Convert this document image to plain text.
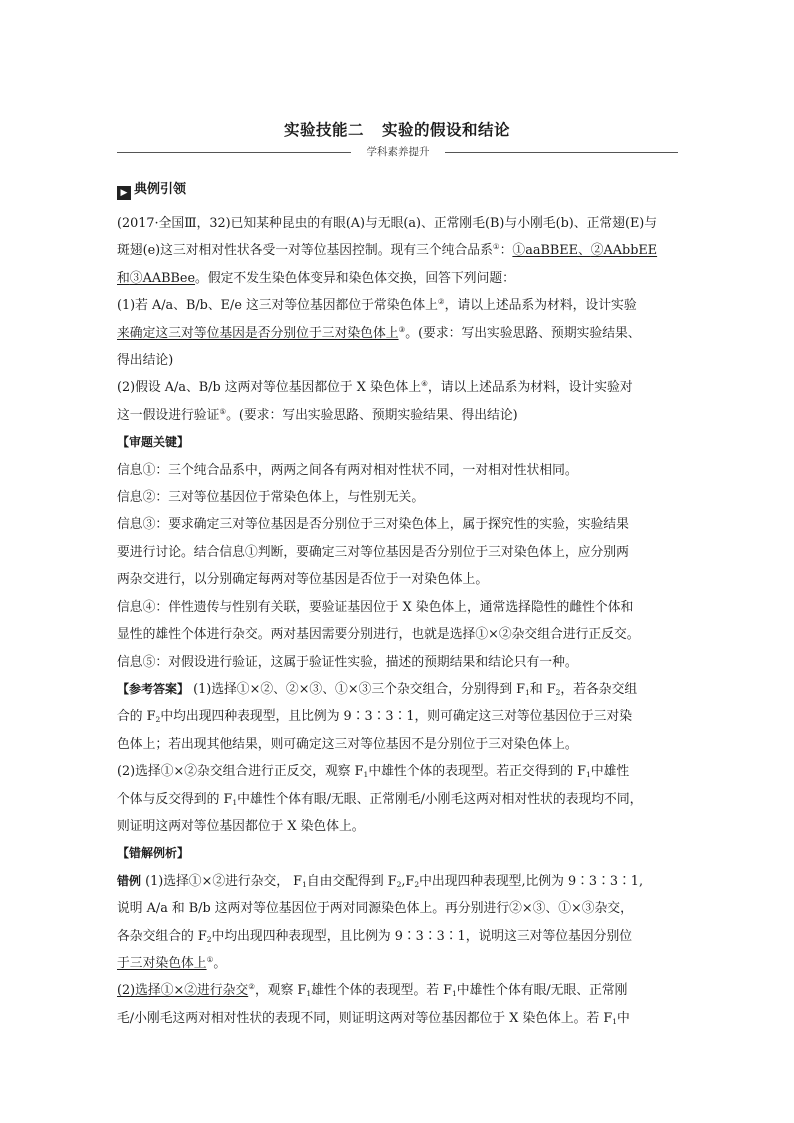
实验技能二 实验的假设和结论
学科素养提升
▶ 典例引领

(2017·全国Ⅲ，32)已知某种昆虫的有眼(A)与无眼(a)、正常刚毛(B)与小刚毛(b)、正常翅(E)与

斑翅(e)这三对相对性状各受一对等位基因控制。现有三个纯合品系①：①aaBBEE、②AAbbEE

和③AABBee。假定不发生染色体变异和染色体交换，回答下列问题：

(1)若 A/a、B/b、E/e 这三对等位基因都位于常染色体上②，请以上述品系为材料，设计实验

来确定这三对等位基因是否分别位于三对染色体上③。(要求：写出实验思路、预期实验结果、

得出结论)

(2)假设 A/a、B/b 这两对等位基因都位于 X 染色体上④，请以上述品系为材料，设计实验对

这一假设进行验证⑤。(要求：写出实验思路、预期实验结果、得出结论)

【审题关键】

信息①：三个纯合品系中，两两之间各有两对相对性状不同，一对相对性状相同。

信息②：三对等位基因位于常染色体上，与性别无关。

信息③：要求确定三对等位基因是否分别位于三对染色体上，属于探究性的实验，实验结果

要进行讨论。结合信息①判断，要确定三对等位基因是否分别位于三对染色体上，应分别两

两杂交进行，以分别确定每两对等位基因是否位于一对染色体上。

信息④：伴性遗传与性别有关联，要验证基因位于 X 染色体上，通常选择隐性的雌性个体和

显性的雄性个体进行杂交。两对基因需要分别进行，也就是选择①×②杂交组合进行正反交。

信息⑤：对假设进行验证，这属于验证性实验，描述的预期结果和结论只有一种。

【参考答案】 (1)选择①×②、②×③、①×③三个杂交组合，分别得到 $F_1$和 $F_2$，若各杂交组

合的 $F_2$中均出现四种表现型，且比例为 9∶3∶3∶1，则可确定这三对等位基因位于三对染

色体上；若出现其他结果，则可确定这三对等位基因不是分别位于三对染色体上。

(2)选择①×②杂交组合进行正反交，观察 $F_1$中雄性个体的表现型。若正交得到的 $F_1$中雄性

个体与反交得到的 $F_1$中雄性个体有眼/无眼、正常刚毛/小刚毛这两对相对性状的表现均不同，

则证明这两对等位基因都位于 X 染色体上。

【错解例析】

错例 (1)选择①×②进行杂交， $F_1$自由交配得到 $F_2,F_2$中出现四种表现型,比例为 9∶3∶3∶1,

说明 A/a 和 B/b 这两对等位基因位于两对同源染色体上。再分别进行②×③、①×③杂交，

各杂交组合的 $F_2$中均出现四种表现型，且比例为 9∶3∶3∶1，说明这三对等位基因分别位

于三对染色体上①。

(2)选择①×②进行杂交②，观察 $F_1$雄性个体的表现型。若 $F_1$中雄性个体有眼/无眼、正常刚

毛/小刚毛这两对相对性状的表现不同，则证明这两对等位基因都位于 X 染色体上。若 $F_1$中
